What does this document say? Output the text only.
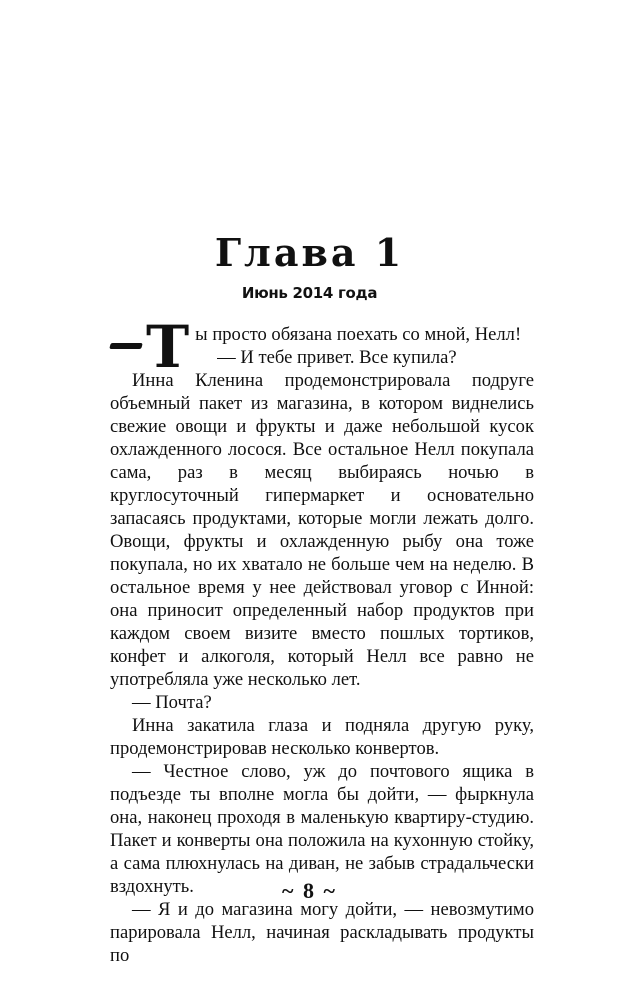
Глава 1
Июнь 2014 года

Т ы просто обязана поехать со мной, Нелл!

— И тебе привет. Все купила?

Инна Кленина продемонстрировала подруге объемный пакет из магазина, в котором виднелись свежие овощи и фрукты и даже небольшой кусок охлажденного лосося. Все остальное Нелл покупала сама, раз в месяц выбираясь ночью в круглосуточный гипермаркет и основательно запасаясь продуктами, которые могли лежать долго. Овощи, фрукты и охлажденную рыбу она тоже покупала, но их хватало не больше чем на неделю. В остальное время у нее действовал уговор с Инной: она приносит определенный набор продуктов при каждом своем визите вместо пошлых тортиков, конфет и алкоголя, который Нелл все равно не употребляла уже несколько лет.

— Почта?

Инна закатила глаза и подняла другую руку, продемонстрировав несколько конвертов.

— Честное слово, уж до почтового ящика в подъезде ты вполне могла бы дойти, — фыркнула она, наконец проходя в маленькую квартиру-студию. Пакет и конверты она положила на кухонную стойку, а сама плюхнулась на диван, не забыв страдальчески вздохнуть.

— Я и до магазина могу дойти, — невозмутимо парировала Нелл, начиная раскладывать продукты по

~ 8 ~
